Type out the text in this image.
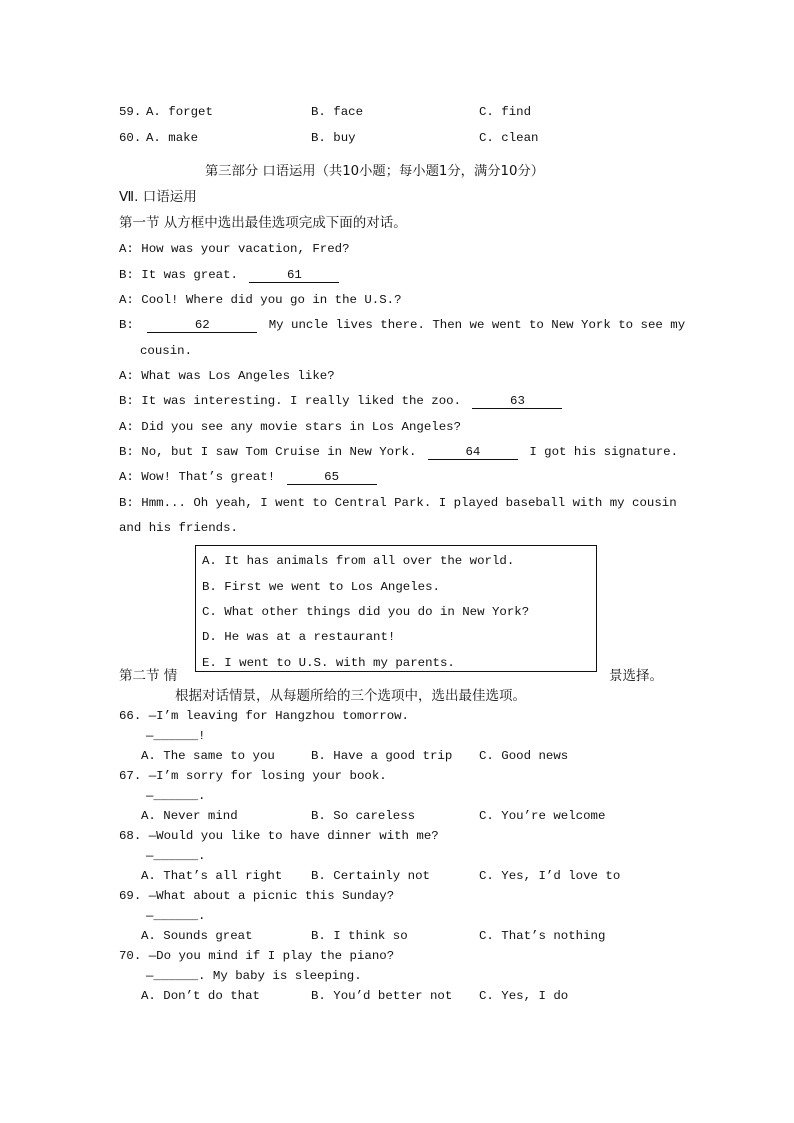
59. A. forget	B. face	C. find
60. A. make	B. buy	C. clean
第三部分 口语运用（共10小题；每小题1分，满分10分）
Ⅶ. 口语运用
第一节 从方框中选出最佳选项完成下面的对话。
A: How was your vacation, Fred?
B: It was great.	61
A: Cool! Where did you go in the U.S.?
B:	62	My uncle lives there. Then we went to New York to see my
cousin.
A: What was Los Angeles like?
B: It was interesting. I really liked the zoo.	63
A: Did you see any movie stars in Los Angeles?
B: No, but I saw Tom Cruise in New York.	64	I got his signature.
A: Wow! That’s great!	65
B: Hmm... Oh yeah, I went to Central Park. I played baseball with my cousin
and his friends.
A. It has animals from all over the world.
B. First we went to Los Angeles.
C. What other things did you do in New York?
D. He was at a restaurant!
E. I went to U.S. with my parents.
第二节 情	景选择。
根据对话情景，从每题所给的三个选项中，选出最佳选项。
66. —I’m leaving for Hangzhou tomorrow.
—______!
A. The same to you	B. Have a good trip C. Good news
67. —I’m sorry for losing your book.
—______.
A. Never mind	B. So careless	C. You’re welcome
68. —Would you like to have dinner with me?
—______.
A. That’s all right B. Certainly not	C. Yes, I’d love to
69. —What about a picnic this Sunday?
—______.
A. Sounds great	B. I think so	C. That’s nothing
70. —Do you mind if I play the piano?
—______. My baby is sleeping.
A. Don’t do that	B. You’d better not C. Yes, I do
